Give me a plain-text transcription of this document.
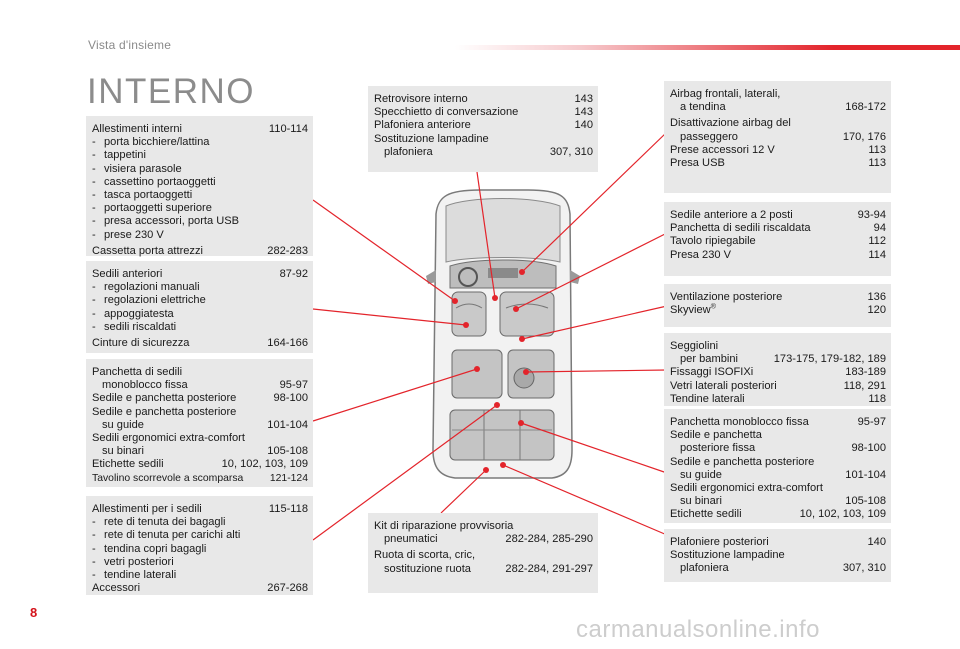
Vista d'insieme
INTERNO
Allestimenti interni	110-114
- porta bicchiere/lattina
- tappetini
- visiera parasole
- cassettino portaoggetti
- tasca portaoggetti
- portaoggetti superiore
- presa accessori, porta USB
- prese 230 V
Cassetta porta attrezzi	282-283
Sedili anteriori	87-92
- regolazioni manuali
- regolazioni elettriche
- appoggiatesta
- sedili riscaldati
Cinture di sicurezza	164-166
Panchetta di sedili
monoblocco fissa	95-97
Sedile e panchetta posteriore	98-100
Sedile e panchetta posteriore
su guide	101-104
Sedili ergonomici extra-comfort
su binari	105-108
Etichette sedili	10, 102, 103, 109
Tavolino scorrevole a scomparsa	121-124
Allestimenti per i sedili	115-118
- rete di tenuta dei bagagli
- rete di tenuta per carichi alti
- tendina copri bagagli
- vetri posteriori
- tendine laterali
Accessori	267-268
Retrovisore interno	143
Specchietto di conversazione	143
Plafoniera anteriore	140
Sostituzione lampadine
plafoniera	307, 310
Kit di riparazione provvisoria
pneumatici	282-284, 285-290
Ruota di scorta, cric,
sostituzione ruota	282-284, 291-297
Airbag frontali, laterali,
a tendina	168-172
Disattivazione airbag del
passeggero	170, 176
Prese accessori 12 V	113
Presa USB	113
Sedile anteriore a 2 posti	93-94
Panchetta di sedili riscaldata	94
Tavolo ripiegabile	112
Presa 230 V	114
Ventilazione posteriore	136
Skyview®	120
Seggiolini
per bambini	173-175, 179-182, 189
Fissaggi ISOFIXi	183-189
Vetri laterali posteriori	118, 291
Tendine laterali	118
Panchetta monoblocco fissa	95-97
Sedile e panchetta
posteriore fissa	98-100
Sedile e panchetta posteriore
su guide	101-104
Sedili ergonomici extra-comfort
su binari	105-108
Etichette sedili	10, 102, 103, 109
Plafoniere posteriori	140
Sostituzione lampadine
plafoniera	307, 310
8
carmanualsonline.info
